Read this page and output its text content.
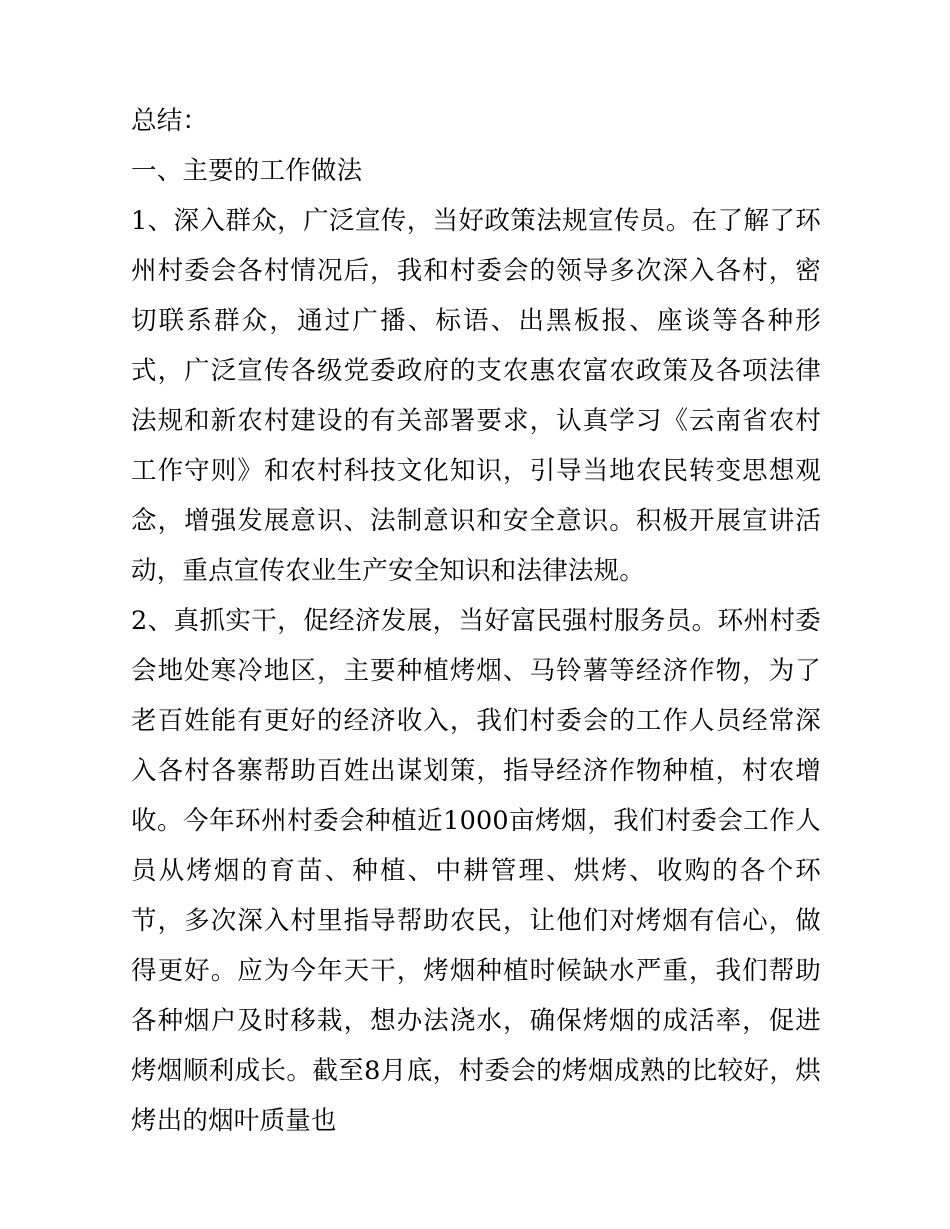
总结：

一、主要的工作做法

1、深入群众，广泛宣传，当好政策法规宣传员。在了解了环州村委会各村情况后，我和村委会的领导多次深入各村，密切联系群众，通过广播、标语、出黑板报、座谈等各种形式，广泛宣传各级党委政府的支农惠农富农政策及各项法律法规和新农村建设的有关部署要求，认真学习《云南省农村工作守则》和农村科技文化知识，引导当地农民转变思想观念，增强发展意识、法制意识和安全意识。积极开展宣讲活动，重点宣传农业生产安全知识和法律法规。

2、真抓实干，促经济发展，当好富民强村服务员。环州村委会地处寒冷地区，主要种植烤烟、马铃薯等经济作物，为了老百姓能有更好的经济收入，我们村委会的工作人员经常深入各村各寨帮助百姓出谋划策，指导经济作物种植，村农增收。今年环州村委会种植近1000亩烤烟，我们村委会工作人员从烤烟的育苗、种植、中耕管理、烘烤、收购的各个环节，多次深入村里指导帮助农民，让他们对烤烟有信心，做得更好。应为今年天干，烤烟种植时候缺水严重，我们帮助各种烟户及时移栽，想办法浇水，确保烤烟的成活率，促进烤烟顺利成长。截至8月底，村委会的烤烟成熟的比较好，烘烤出的烟叶质量也
